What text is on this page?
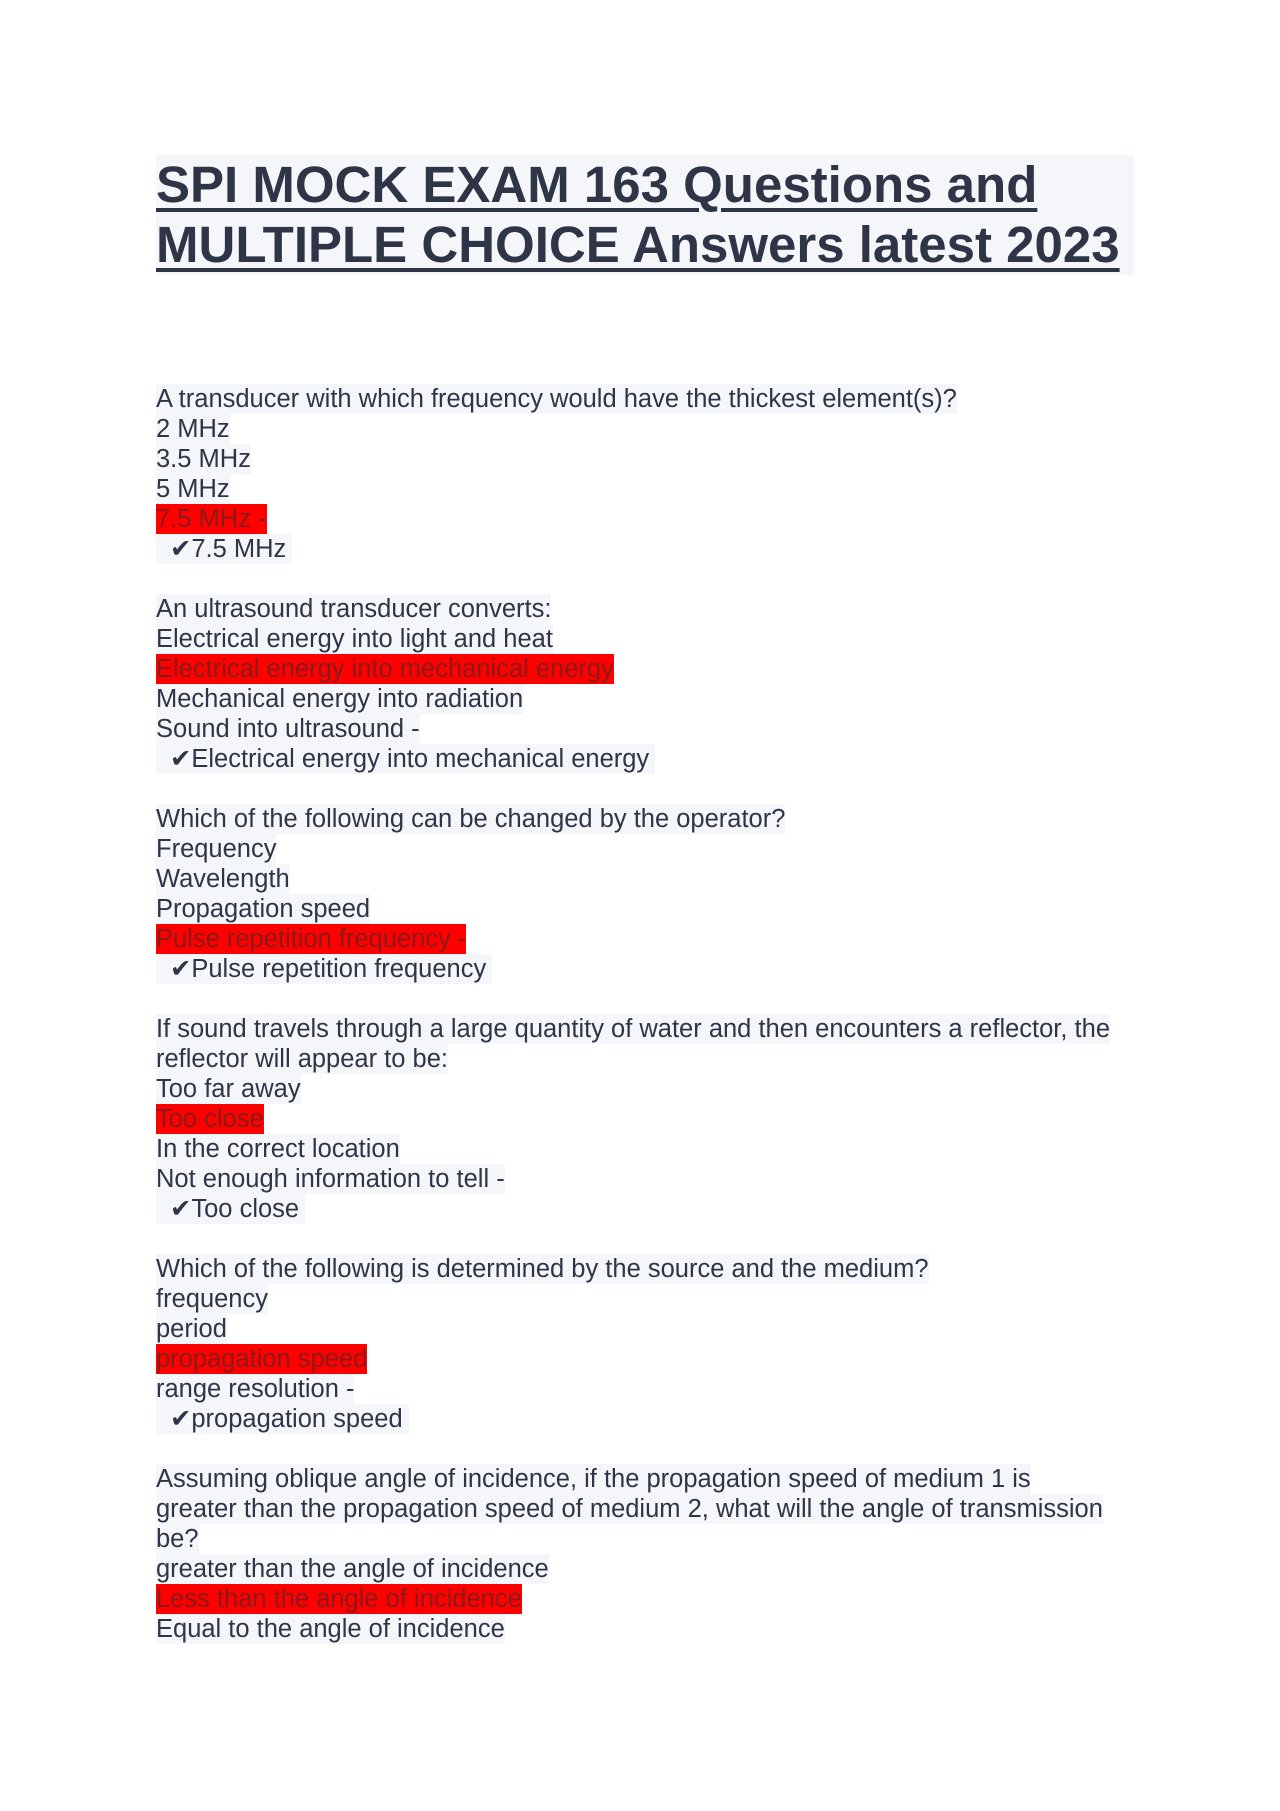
SPI MOCK EXAM 163 Questions and MULTIPLE CHOICE Answers latest 2023
A transducer with which frequency would have the thickest element(s)?
2 MHz
3.5 MHz
5 MHz
7.5 MHz -
✔7.5 MHz
An ultrasound transducer converts:
Electrical energy into light and heat
Electrical energy into mechanical energy
Mechanical energy into radiation
Sound into ultrasound -
✔Electrical energy into mechanical energy
Which of the following can be changed by the operator?
Frequency
Wavelength
Propagation speed
Pulse repetition frequency -
✔Pulse repetition frequency
If sound travels through a large quantity of water and then encounters a reflector, the
reflector will appear to be:
Too far away
Too close
In the correct location
Not enough information to tell -
✔Too close
Which of the following is determined by the source and the medium?
frequency
period
propagation speed
range resolution -
✔propagation speed
Assuming oblique angle of incidence, if the propagation speed of medium 1 is
greater than the propagation speed of medium 2, what will the angle of transmission
be?
greater than the angle of incidence
Less than the angle of incidence
Equal to the angle of incidence
